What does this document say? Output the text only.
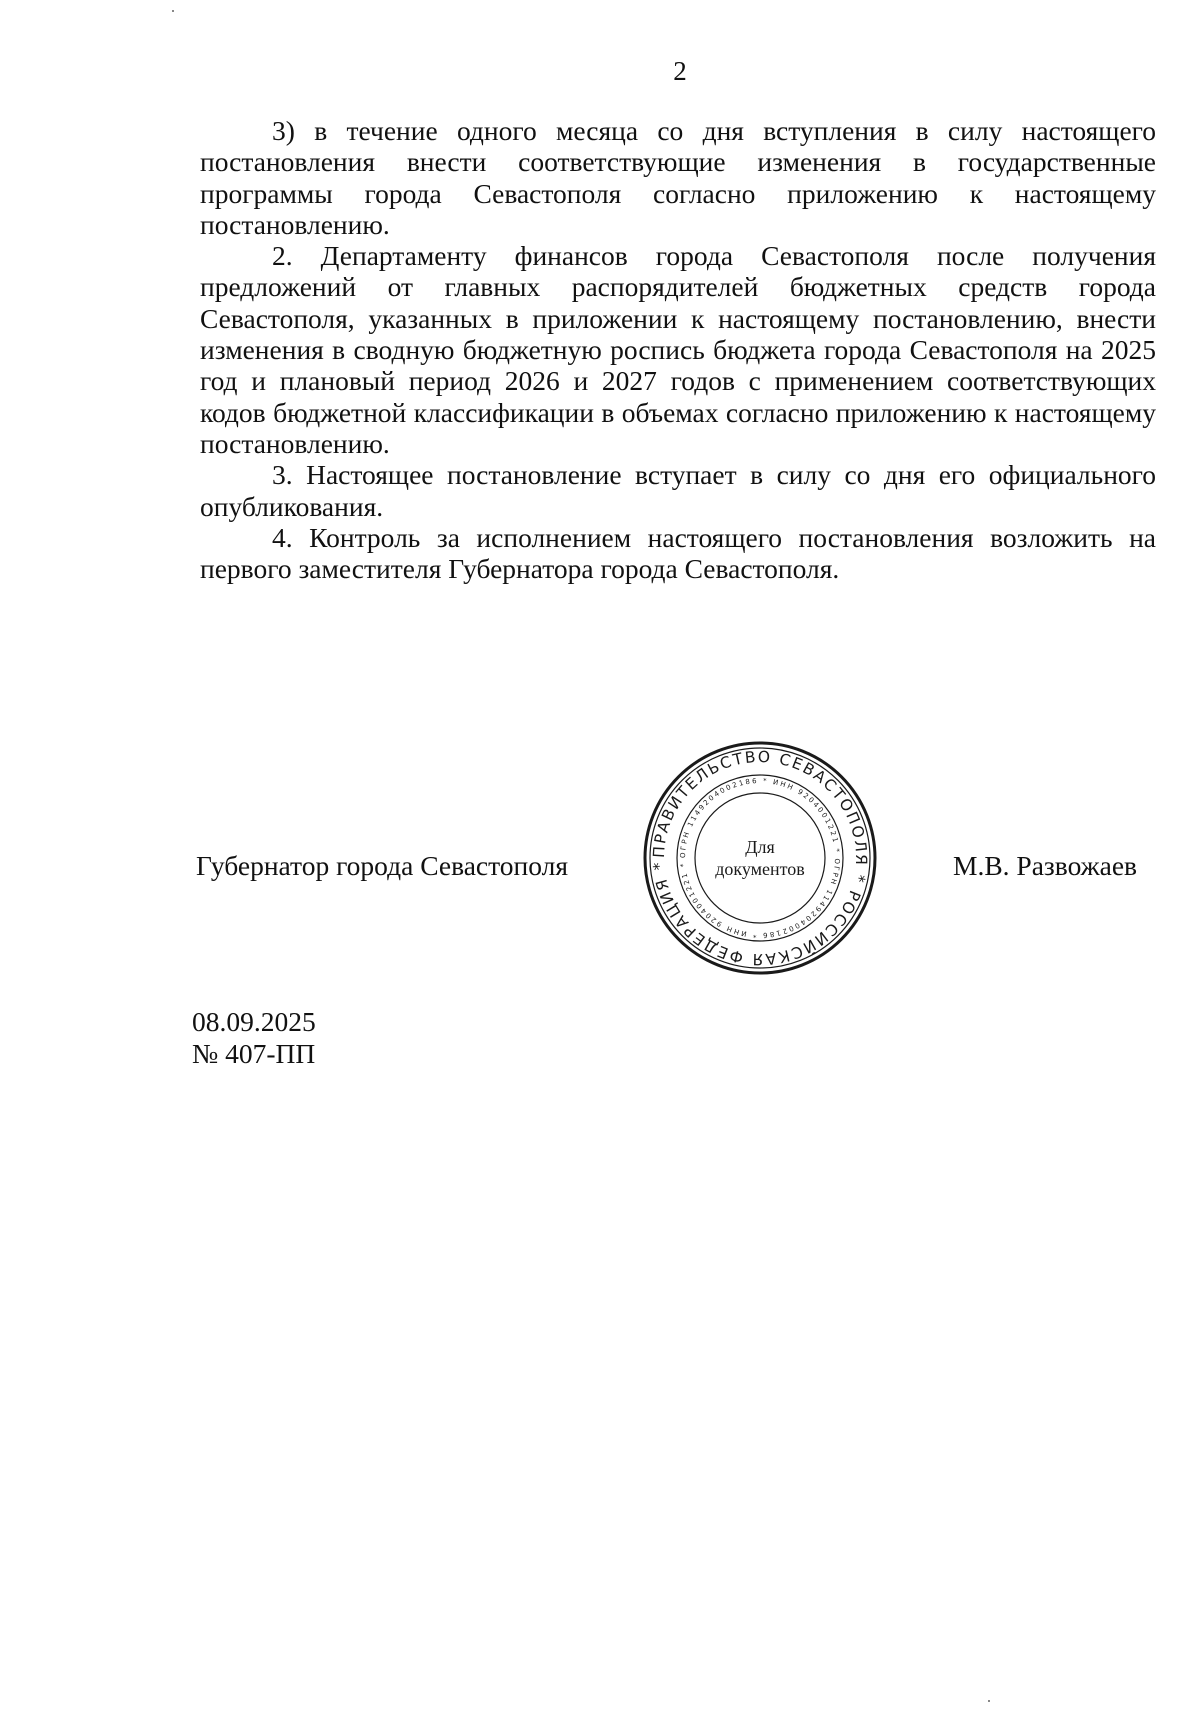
2

3) в течение одного месяца со дня вступления в силу настоящего постановления внести соответствующие изменения в государственные программы города Севастополя согласно приложению к настоящему постановлению.

2. Департаменту финансов города Севастополя после получения предложений от главных распорядителей бюджетных средств города Севастополя, указанных в приложении к настоящему постановлению, внести изменения в сводную бюджетную роспись бюджета города Севастополя на 2025 год и плановый период 2026 и 2027 годов с применением соответствующих кодов бюджетной классификации в объемах согласно приложению к настоящему постановлению.

3. Настоящее постановление вступает в силу со дня его официального опубликования.

4. Контроль за исполнением настоящего постановления возложить на первого заместителя Губернатора города Севастополя.

Губернатор города Севастополя	ПРАВИТЕЛЬСТВО СЕВАСТОПОЛЯ * РОССИЙСКАЯ ФЕДЕРАЦИЯ *
ОГРН 1149204002186 * ИНН 9204001221 * ОГРН 1149204002186 * ИНН 9204001221 *
Для
документов	М.В. Развожаев
08.09.2025
№ 407-ПП
